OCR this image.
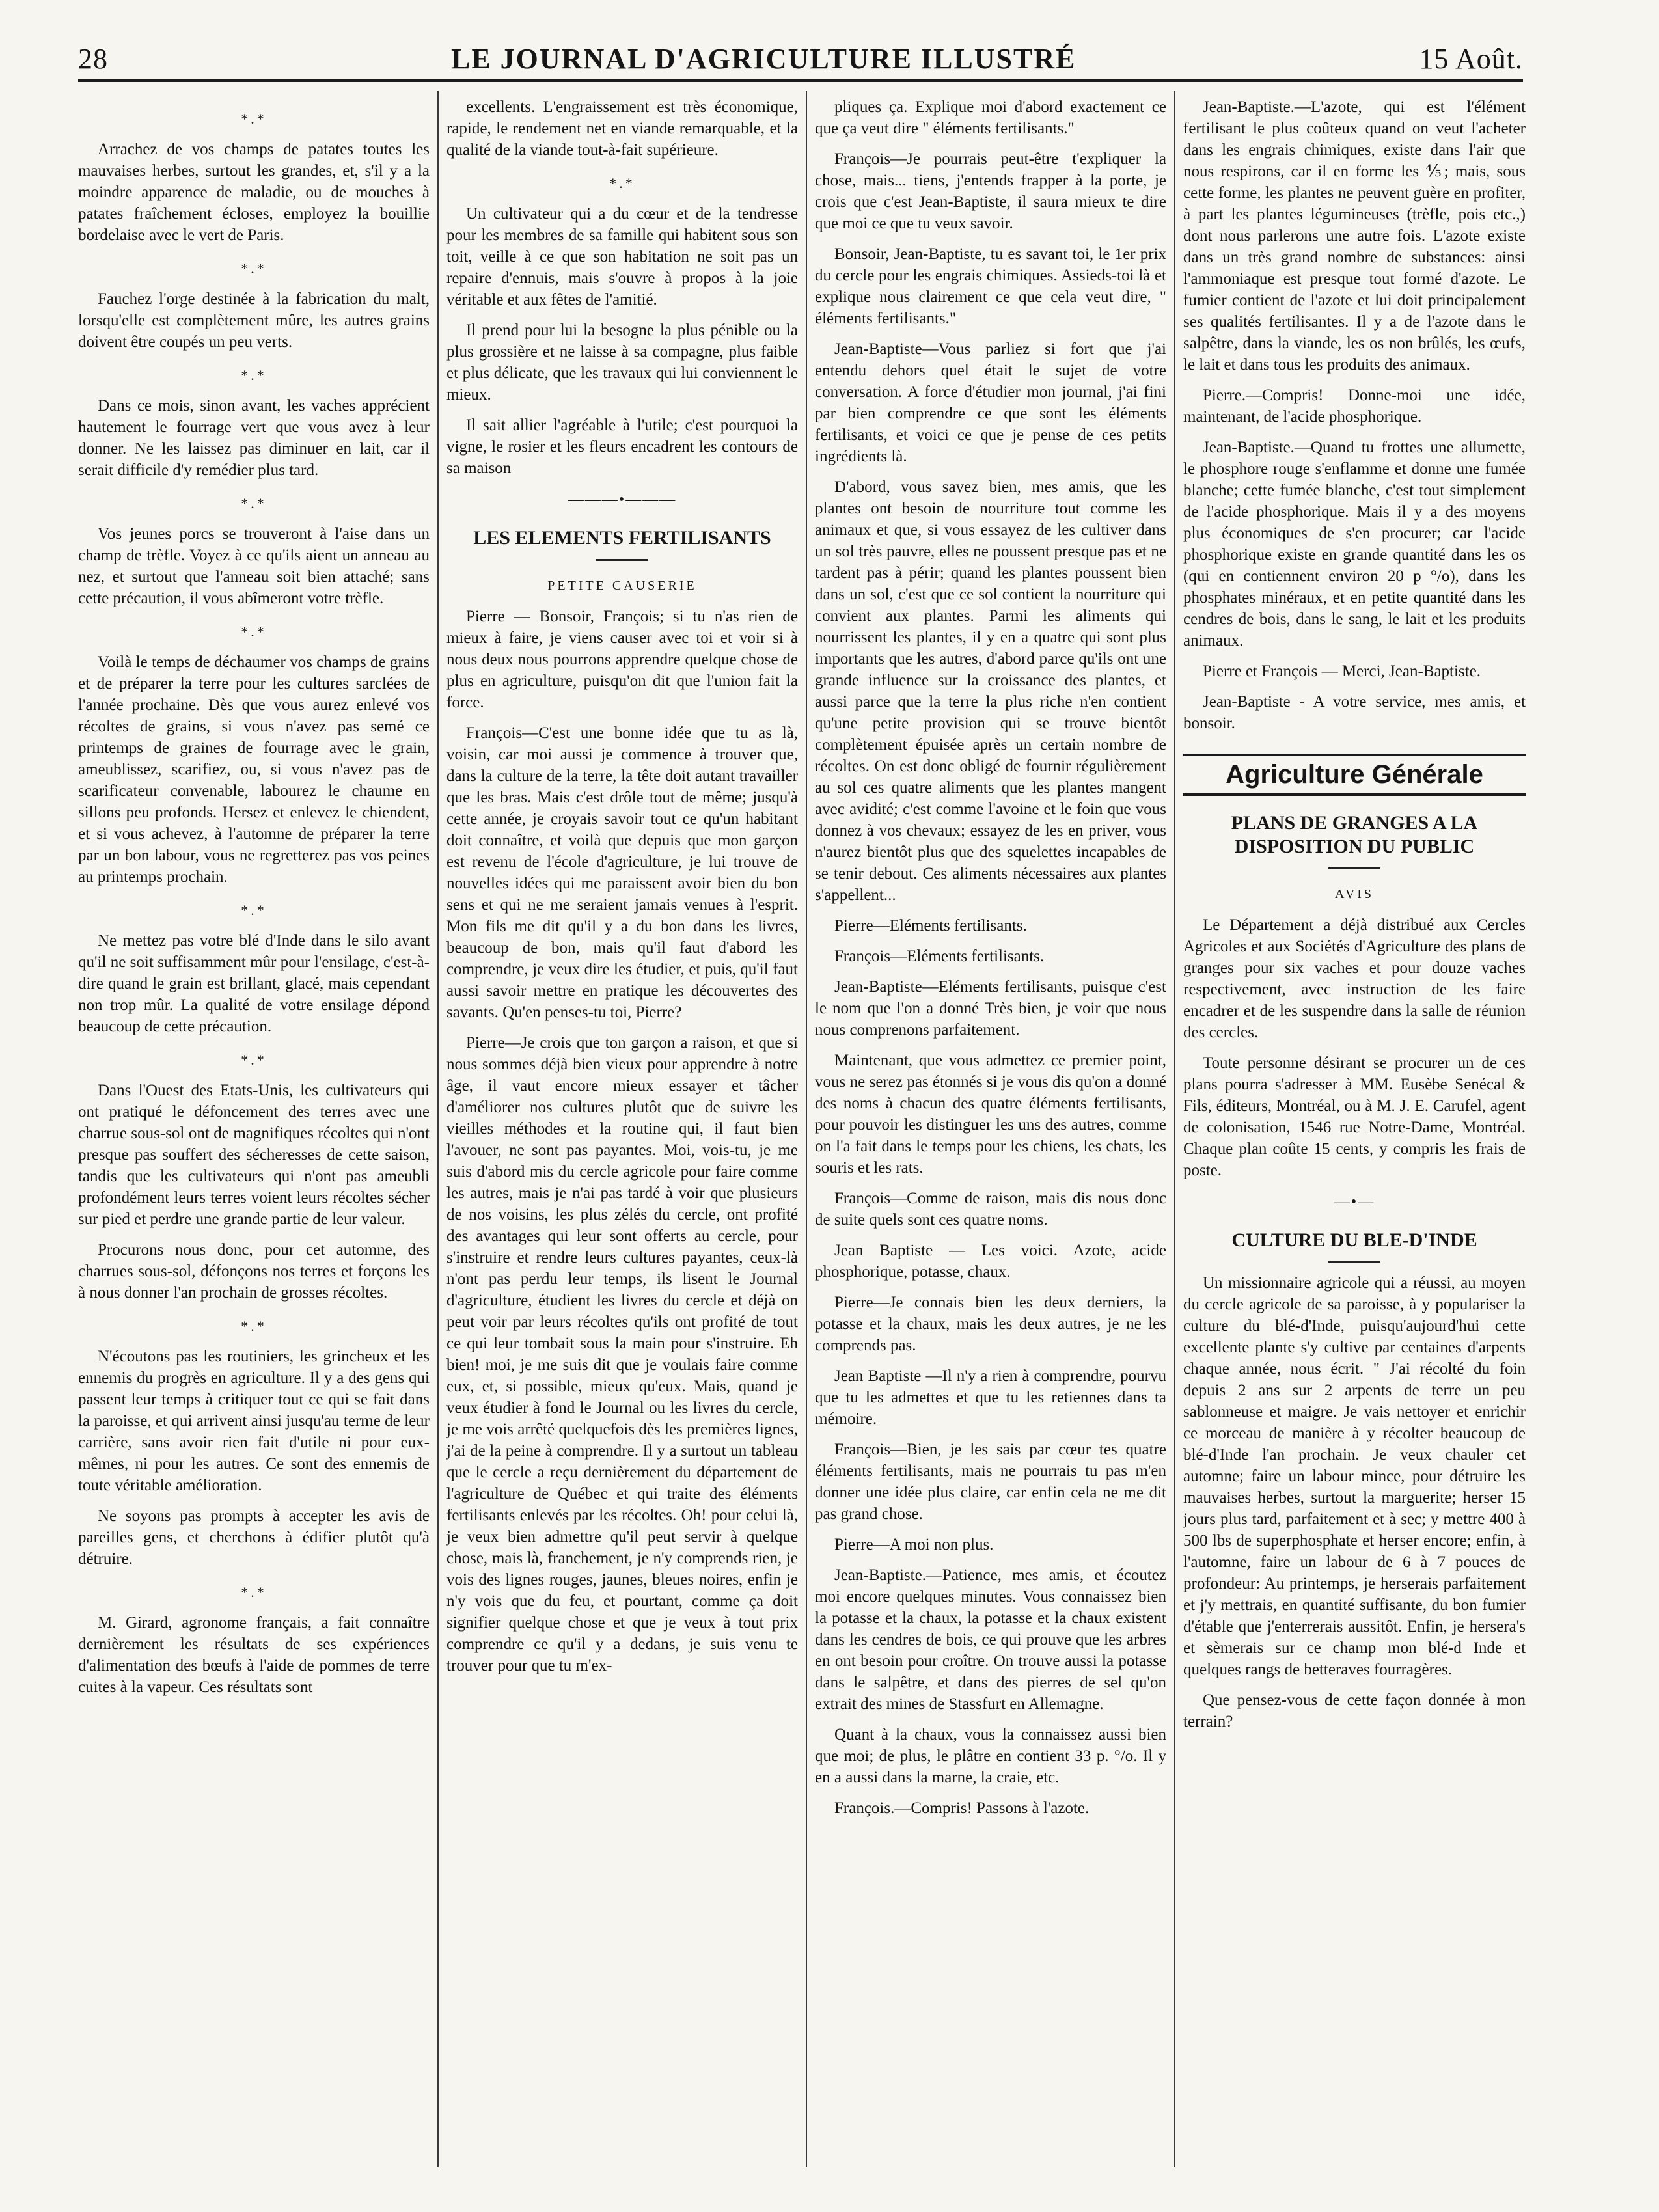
28	LE JOURNAL D'AGRICULTURE ILLUSTRÉ	15 Août.
*.*

Arrachez de vos champs de patates toutes les mauvaises herbes, surtout les grandes, et, s'il y a la moindre apparence de maladie, ou de mouches à patates fraîchement écloses, employez la bouillie bordelaise avec le vert de Paris.

*.*

Fauchez l'orge destinée à la fabrication du malt, lorsqu'elle est complètement mûre, les autres grains doivent être coupés un peu verts.

*.*

Dans ce mois, sinon avant, les vaches apprécient hautement le fourrage vert que vous avez à leur donner. Ne les laissez pas diminuer en lait, car il serait difficile d'y remédier plus tard.

*.*

Vos jeunes porcs se trouveront à l'aise dans un champ de trèfle. Voyez à ce qu'ils aient un anneau au nez, et surtout que l'anneau soit bien attaché; sans cette précaution, il vous abîmeront votre trèfle.

*.*

Voilà le temps de déchaumer vos champs de grains et de préparer la terre pour les cultures sarclées de l'année prochaine. Dès que vous aurez enlevé vos récoltes de grains, si vous n'avez pas semé ce printemps de graines de fourrage avec le grain, ameublissez, scarifiez, ou, si vous n'avez pas de scarificateur convenable, labourez le chaume en sillons peu profonds. Hersez et enlevez le chiendent, et si vous achevez, à l'automne de préparer la terre par un bon labour, vous ne regretterez pas vos peines au printemps prochain.

*.*

Ne mettez pas votre blé d'Inde dans le silo avant qu'il ne soit suffisamment mûr pour l'ensilage, c'est-à-dire quand le grain est brillant, glacé, mais cependant non trop mûr. La qualité de votre ensilage dépond beaucoup de cette précaution.

*.*

Dans l'Ouest des Etats-Unis, les cultivateurs qui ont pratiqué le défoncement des terres avec une charrue sous-sol ont de magnifiques récoltes qui n'ont presque pas souffert des sécheresses de cette saison, tandis que les cultivateurs qui n'ont pas ameubli profondément leurs terres voient leurs récoltes sécher sur pied et perdre une grande partie de leur valeur.

Procurons nous donc, pour cet automne, des charrues sous-sol, défonçons nos terres et forçons les à nous donner l'an prochain de grosses récoltes.

*.*

N'écoutons pas les routiniers, les grincheux et les ennemis du progrès en agriculture. Il y a des gens qui passent leur temps à critiquer tout ce qui se fait dans la paroisse, et qui arrivent ainsi jusqu'au terme de leur carrière, sans avoir rien fait d'utile ni pour eux-mêmes, ni pour les autres. Ce sont des ennemis de toute véritable amélioration.

Ne soyons pas prompts à accepter les avis de pareilles gens, et cherchons à édifier plutôt qu'à détruire.

*.*

M. Girard, agronome français, a fait connaître dernièrement les résultats de ses expériences d'alimentation des bœufs à l'aide de pommes de terre cuites à la vapeur. Ces résultats sont

excellents. L'engraissement est très économique, rapide, le rendement net en viande remarquable, et la qualité de la viande tout-à-fait supérieure.

*.*

Un cultivateur qui a du cœur et de la tendresse pour les membres de sa famille qui habitent sous son toit, veille à ce que son habitation ne soit pas un repaire d'ennuis, mais s'ouvre à propos à la joie véritable et aux fêtes de l'amitié.

Il prend pour lui la besogne la plus pénible ou la plus grossière et ne laisse à sa compagne, plus faible et plus délicate, que les travaux qui lui conviennent le mieux.

Il sait allier l'agréable à l'utile; c'est pourquoi la vigne, le rosier et les fleurs encadrent les contours de sa maison

———•———
LES ELEMENTS FERTILISANTS
PETITE CAUSERIE

Pierre — Bonsoir, François; si tu n'as rien de mieux à faire, je viens causer avec toi et voir si à nous deux nous pourrons apprendre quelque chose de plus en agriculture, puisqu'on dit que l'union fait la force.

François—C'est une bonne idée que tu as là, voisin, car moi aussi je commence à trouver que, dans la culture de la terre, la tête doit autant travailler que les bras. Mais c'est drôle tout de même; jusqu'à cette année, je croyais savoir tout ce qu'un habitant doit connaître, et voilà que depuis que mon garçon est revenu de l'école d'agriculture, je lui trouve de nouvelles idées qui me paraissent avoir bien du bon sens et qui ne me seraient jamais venues à l'esprit. Mon fils me dit qu'il y a du bon dans les livres, beaucoup de bon, mais qu'il faut d'abord les comprendre, je veux dire les étudier, et puis, qu'il faut aussi savoir mettre en pratique les découvertes des savants. Qu'en penses-tu toi, Pierre?

Pierre—Je crois que ton garçon a raison, et que si nous sommes déjà bien vieux pour apprendre à notre âge, il vaut encore mieux essayer et tâcher d'améliorer nos cultures plutôt que de suivre les vieilles méthodes et la routine qui, il faut bien l'avouer, ne sont pas payantes. Moi, vois-tu, je me suis d'abord mis du cercle agricole pour faire comme les autres, mais je n'ai pas tardé à voir que plusieurs de nos voisins, les plus zélés du cercle, ont profité des avantages qui leur sont offerts au cercle, pour s'instruire et rendre leurs cultures payantes, ceux-là n'ont pas perdu leur temps, ils lisent le Journal d'agriculture, étudient les livres du cercle et déjà on peut voir par leurs récoltes qu'ils ont profité de tout ce qui leur tombait sous la main pour s'instruire. Eh bien! moi, je me suis dit que je voulais faire comme eux, et, si possible, mieux qu'eux. Mais, quand je veux étudier à fond le Journal ou les livres du cercle, je me vois arrêté quelquefois dès les premières lignes, j'ai de la peine à comprendre. Il y a surtout un tableau que le cercle a reçu dernièrement du département de l'agriculture de Québec et qui traite des éléments fertilisants enlevés par les récoltes. Oh! pour celui là, je veux bien admettre qu'il peut servir à quelque chose, mais là, franchement, je n'y comprends rien, je vois des lignes rouges, jaunes, bleues noires, enfin je n'y vois que du feu, et pourtant, comme ça doit signifier quelque chose et que je veux à tout prix comprendre ce qu'il y a dedans, je suis venu te trouver pour que tu m'ex-

pliques ça. Explique moi d'abord exactement ce que ça veut dire " éléments fertilisants."

François—Je pourrais peut-être t'expliquer la chose, mais... tiens, j'entends frapper à la porte, je crois que c'est Jean-Baptiste, il saura mieux te dire que moi ce que tu veux savoir.

Bonsoir, Jean-Baptiste, tu es savant toi, le 1er prix du cercle pour les engrais chimiques. Assieds-toi là et explique nous clairement ce que cela veut dire, " éléments fertilisants."

Jean-Baptiste—Vous parliez si fort que j'ai entendu dehors quel était le sujet de votre conversation. A force d'étudier mon journal, j'ai fini par bien comprendre ce que sont les éléments fertilisants, et voici ce que je pense de ces petits ingrédients là.

D'abord, vous savez bien, mes amis, que les plantes ont besoin de nourriture tout comme les animaux et que, si vous essayez de les cultiver dans un sol très pauvre, elles ne poussent presque pas et ne tardent pas à périr; quand les plantes poussent bien dans un sol, c'est que ce sol contient la nourriture qui convient aux plantes. Parmi les aliments qui nourrissent les plantes, il y en a quatre qui sont plus importants que les autres, d'abord parce qu'ils ont une grande influence sur la croissance des plantes, et aussi parce que la terre la plus riche n'en contient qu'une petite provision qui se trouve bientôt complètement épuisée après un certain nombre de récoltes. On est donc obligé de fournir régulièrement au sol ces quatre aliments que les plantes mangent avec avidité; c'est comme l'avoine et le foin que vous donnez à vos chevaux; essayez de les en priver, vous n'aurez bientôt plus que des squelettes incapables de se tenir debout. Ces aliments nécessaires aux plantes s'appellent...

Pierre—Eléments fertilisants.

François—Eléments fertilisants.

Jean-Baptiste—Eléments fertilisants, puisque c'est le nom que l'on a donné Très bien, je voir que nous nous comprenons parfaitement.

Maintenant, que vous admettez ce premier point, vous ne serez pas étonnés si je vous dis qu'on a donné des noms à chacun des quatre éléments fertilisants, pour pouvoir les distinguer les uns des autres, comme on l'a fait dans le temps pour les chiens, les chats, les souris et les rats.

François—Comme de raison, mais dis nous donc de suite quels sont ces quatre noms.

Jean Baptiste — Les voici. Azote, acide phosphorique, potasse, chaux.

Pierre—Je connais bien les deux derniers, la potasse et la chaux, mais les deux autres, je ne les comprends pas.

Jean Baptiste —Il n'y a rien à comprendre, pourvu que tu les admettes et que tu les retiennes dans ta mémoire.

François—Bien, je les sais par cœur tes quatre éléments fertilisants, mais ne pourrais tu pas m'en donner une idée plus claire, car enfin cela ne me dit pas grand chose.

Pierre—A moi non plus.

Jean-Baptiste.—Patience, mes amis, et écoutez moi encore quelques minutes. Vous connaissez bien la potasse et la chaux, la potasse et la chaux existent dans les cendres de bois, ce qui prouve que les arbres en ont besoin pour croître. On trouve aussi la potasse dans le salpêtre, et dans des pierres de sel qu'on extrait des mines de Stassfurt en Allemagne.

Quant à la chaux, vous la connaissez aussi bien que moi; de plus, le plâtre en contient 33 p. °/o. Il y en a aussi dans la marne, la craie, etc.

François.—Compris! Passons à l'azote.

Jean-Baptiste.—L'azote, qui est l'élément fertilisant le plus coûteux quand on veut l'acheter dans les engrais chimiques, existe dans l'air que nous respirons, car il en forme les ⅘; mais, sous cette forme, les plantes ne peuvent guère en profiter, à part les plantes légumineuses (trèfle, pois etc.,) dont nous parlerons une autre fois. L'azote existe dans un très grand nombre de substances: ainsi l'ammoniaque est presque tout formé d'azote. Le fumier contient de l'azote et lui doit principalement ses qualités fertilisantes. Il y a de l'azote dans le salpêtre, dans la viande, les os non brûlés, les œufs, le lait et dans tous les produits des animaux.

Pierre.—Compris! Donne-moi une idée, maintenant, de l'acide phosphorique.

Jean-Baptiste.—Quand tu frottes une allumette, le phosphore rouge s'enflamme et donne une fumée blanche; cette fumée blanche, c'est tout simplement de l'acide phosphorique. Mais il y a des moyens plus économiques de s'en procurer; car l'acide phosphorique existe en grande quantité dans les os (qui en contiennent environ 20 p °/o), dans les phosphates minéraux, et en petite quantité dans les cendres de bois, dans le sang, le lait et les produits animaux.

Pierre et François — Merci, Jean-Baptiste.

Jean-Baptiste - A votre service, mes amis, et bonsoir.

Agriculture Générale
PLANS DE GRANGES A LA DISPOSITION DU PUBLIC
AVIS

Le Département a déjà distribué aux Cercles Agricoles et aux Sociétés d'Agriculture des plans de granges pour six vaches et pour douze vaches respectivement, avec instruction de les faire encadrer et de les suspendre dans la salle de réunion des cercles.

Toute personne désirant se procurer un de ces plans pourra s'adresser à MM. Eusèbe Senécal & Fils, éditeurs, Montréal, ou à M. J. E. Carufel, agent de colonisation, 1546 rue Notre-Dame, Montréal. Chaque plan coûte 15 cents, y compris les frais de poste.

—•—
CULTURE DU BLE-D'INDE

Un missionnaire agricole qui a réussi, au moyen du cercle agricole de sa paroisse, à y populariser la culture du blé-d'Inde, puisqu'aujourd'hui cette excellente plante s'y cultive par centaines d'arpents chaque année, nous écrit. " J'ai récolté du foin depuis 2 ans sur 2 arpents de terre un peu sablonneuse et maigre. Je vais nettoyer et enrichir ce morceau de manière à y récolter beaucoup de blé-d'Inde l'an prochain. Je veux chauler cet automne; faire un labour mince, pour détruire les mauvaises herbes, surtout la marguerite; herser 15 jours plus tard, parfaitement et à sec; y mettre 400 à 500 lbs de superphosphate et herser encore; enfin, à l'automne, faire un labour de 6 à 7 pouces de profondeur: Au printemps, je herserais parfaitement et j'y mettrais, en quantité suffisante, du bon fumier d'étable que j'enterrerais aussitôt. Enfin, je hersera's et sèmerais sur ce champ mon blé-d Inde et quelques rangs de betteraves fourragères.

Que pensez-vous de cette façon donnée à mon terrain?
